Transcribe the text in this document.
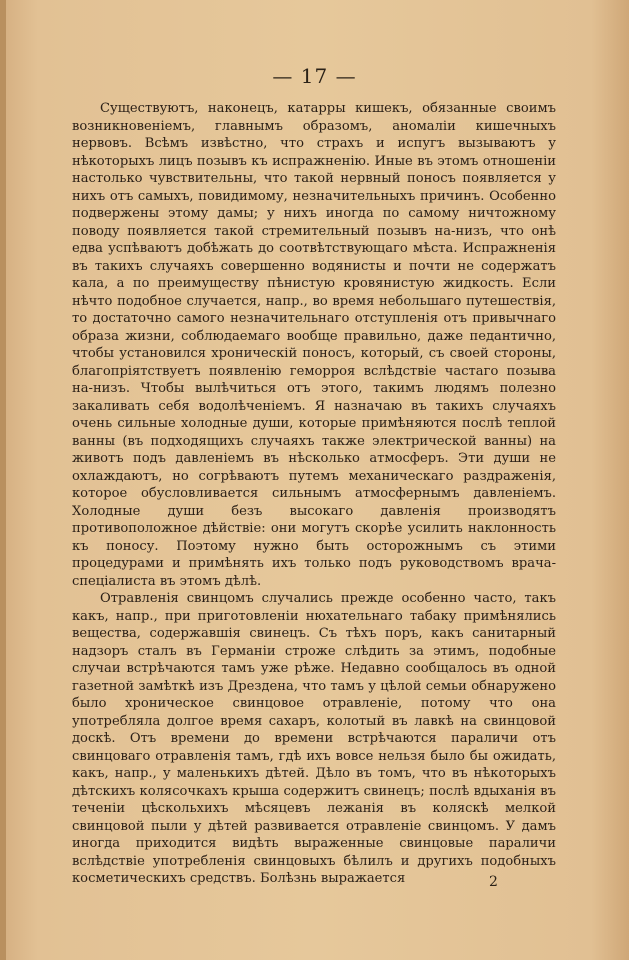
— 17 —

Существуютъ, наконецъ, катарры кишекъ, обязанные своимъ возникновеніемъ, главнымъ образомъ, аномаліи кишечныхъ нервовъ. Всѣмъ извѣстно, что страхъ и испугъ вызываютъ у нѣкоторыхъ лицъ позывъ къ испражненію. Иные въ этомъ отношеніи настолько чувствительны, что такой нервный поносъ появляется у нихъ отъ самыхъ, повидимому, незначительныхъ причинъ. Особенно подвержены этому дамы; у нихъ иногда по самому ничтожному поводу появляется такой стремительный позывъ на-низъ, что онѣ едва успѣваютъ добѣжать до соотвѣтствующаго мѣста. Испражненія въ такихъ случаяхъ совершенно водянисты и почти не содержатъ кала, а по преимуществу пѣнистую кровянистую жидкость. Если нѣчто подобное случается, напр., во время небольшаго путешествія, то достаточно самого незначительнаго отступленія отъ привычнаго образа жизни, соблюдаемаго вообще правильно, даже педантично, чтобы установился хроническій поносъ, который, съ своей стороны, благопріятствуетъ появленію геморроя вслѣдствіе частаго позыва на-низъ. Чтобы вылѣчиться отъ этого, такимъ людямъ полезно закаливать себя водолѣченіемъ. Я назначаю въ такихъ случаяхъ очень сильные холодные души, которые примѣняются послѣ теплой ванны (въ подходящихъ случаяхъ также электрической ванны) на животъ подъ давленіемъ въ нѣсколько атмосферъ. Эти души не охлаждаютъ, но согрѣваютъ путемъ механическаго раздраженія, которое обусловливается сильнымъ атмосфернымъ давленіемъ. Холодные души безъ высокаго давленія производятъ противоположное дѣйствіе: они могутъ скорѣе усилить наклонность къ поносу. Поэтому нужно быть осторожнымъ съ этими процедурами и примѣнять ихъ только подъ руководствомъ врача-спеціалиста въ этомъ дѣлѣ.

Отравленія свинцомъ случались прежде особенно часто, такъ какъ, напр., при приготовленіи нюхательнаго табаку примѣнялись вещества, содержавшія свинецъ. Съ тѣхъ поръ, какъ санитарный надзоръ сталъ въ Германіи строже слѣдить за этимъ, подобные случаи встрѣчаются тамъ уже рѣже. Недавно сообщалось въ одной газетной замѣткѣ изъ Дрездена, что тамъ у цѣлой семьи обнаружено было хроническое свинцовое отравленіе, потому что она употребляла долгое время сахаръ, колотый въ лавкѣ на свинцовой доскѣ. Отъ времени до времени встрѣчаются параличи отъ свинцоваго отравленія тамъ, гдѣ ихъ вовсе нельзя было бы ожидать, какъ, напр., у маленькихъ дѣтей. Дѣло въ томъ, что въ нѣкоторыхъ дѣтскихъ колясочкахъ крыша содержитъ свинецъ; послѣ вдыханія въ теченіи цѣскольхихъ мѣсяцевъ лежанія въ коляскѣ мелкой свинцовой пыли у дѣтей развивается отравленіе свинцомъ. У дамъ иногда приходится видѣть выраженные свинцовые параличи вслѣдствіе употребленія свинцовыхъ бѣлилъ и другихъ подобныхъ косметическихъ средствъ. Болѣзнь выражается	2
